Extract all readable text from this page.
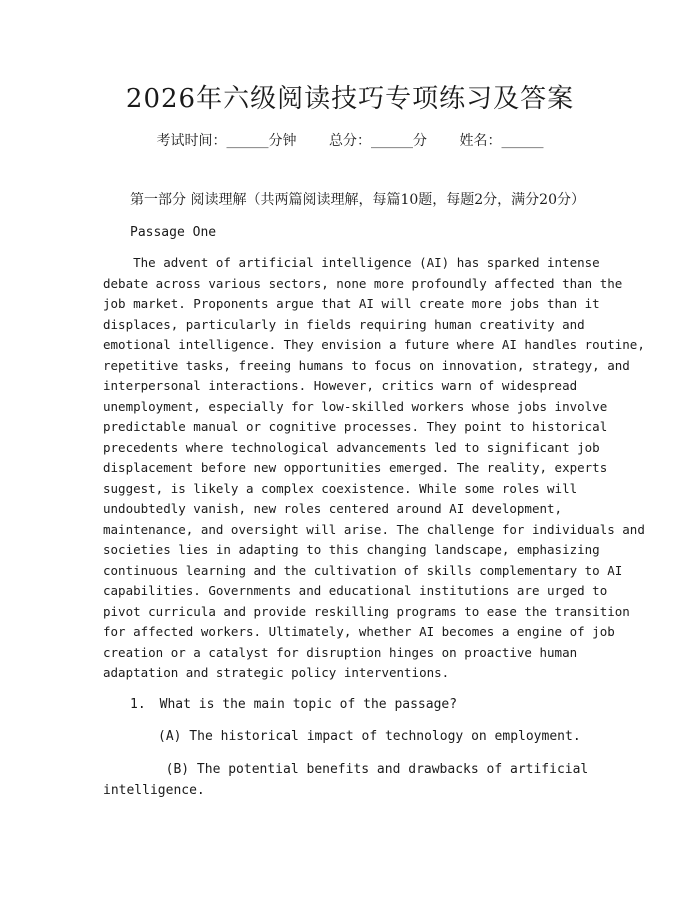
2026年六级阅读技巧专项练习及答案
考试时间：______分钟 总分：______分 姓名：______
第一部分 阅读理解（共两篇阅读理解，每篇10题，每题2分，满分20分）
Passage One
The advent of artificial intelligence (AI) has sparked intense
debate across various sectors, none more profoundly affected than the
job market. Proponents argue that AI will create more jobs than it
displaces, particularly in fields requiring human creativity and
emotional intelligence. They envision a future where AI handles routine,
repetitive tasks, freeing humans to focus on innovation, strategy, and
interpersonal interactions. However, critics warn of widespread
unemployment, especially for low-skilled workers whose jobs involve
predictable manual or cognitive processes. They point to historical
precedents where technological advancements led to significant job
displacement before new opportunities emerged. The reality, experts
suggest, is likely a complex coexistence. While some roles will
undoubtedly vanish, new roles centered around AI development,
maintenance, and oversight will arise. The challenge for individuals and
societies lies in adapting to this changing landscape, emphasizing
continuous learning and the cultivation of skills complementary to AI
capabilities. Governments and educational institutions are urged to
pivot curricula and provide reskilling programs to ease the transition
for affected workers. Ultimately, whether AI becomes a engine of job
creation or a catalyst for disruption hinges on proactive human
adaptation and strategic policy interventions.
1. What is the main topic of the passage?
(A) The historical impact of technology on employment.
(B) The potential benefits and drawbacks of artificial
intelligence.
